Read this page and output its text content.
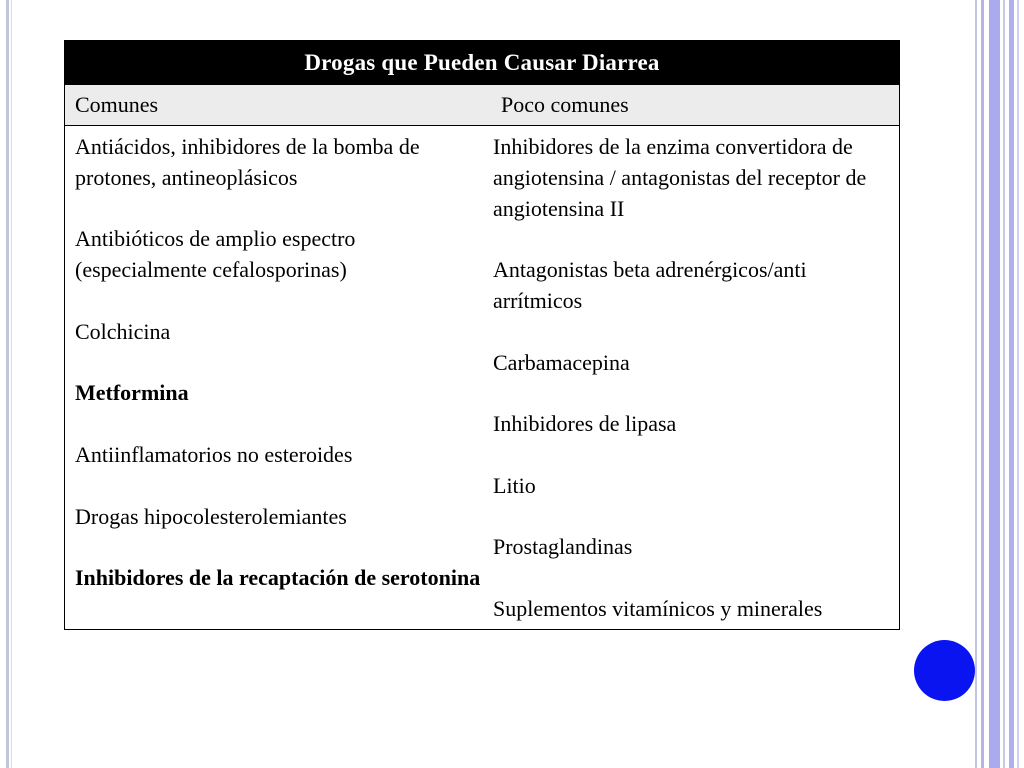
Drogas que Pueden Causar Diarrea
Comunes	Poco comunes

Antiácidos, inhibidores de la bomba de protones, antineoplásicos

Antibióticos de amplio espectro (especialmente cefalosporinas)

Colchicina

Metformina

Antiinflamatorios no esteroides

Drogas hipocolesterolemiantes

Inhibidores de la recaptación de serotonina

Inhibidores de la enzima convertidora de angiotensina / antagonistas del receptor de angiotensina II

Antagonistas beta adrenérgicos/anti arrítmicos

Carbamacepina

Inhibidores de lipasa

Litio

Prostaglandinas

Suplementos vitamínicos y minerales
